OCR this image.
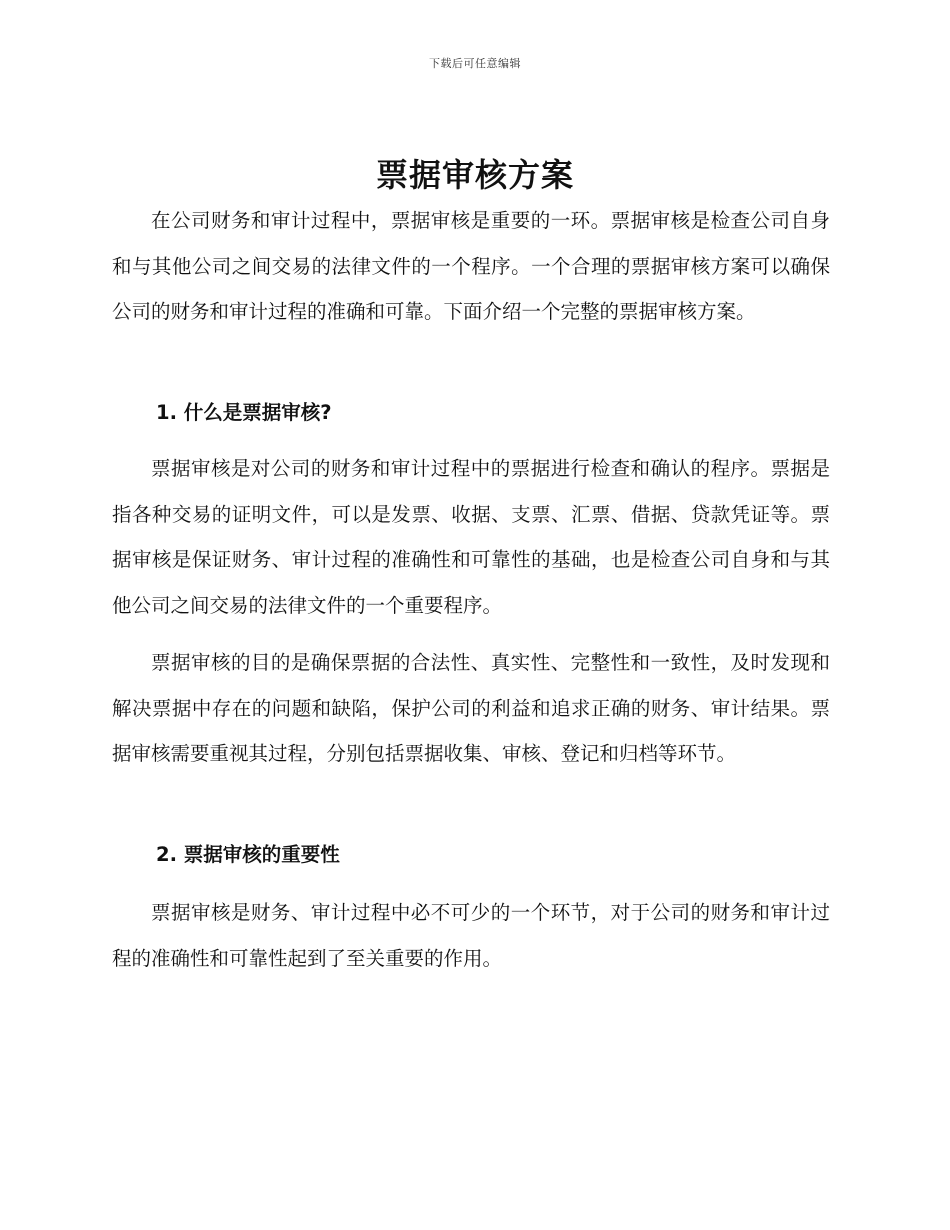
下载后可任意编辑
票据审核方案

在公司财务和审计过程中，票据审核是重要的一环。票据审核是检查公司自身和与其他公司之间交易的法律文件的一个程序。一个合理的票据审核方案可以确保公司的财务和审计过程的准确和可靠。下面介绍一个完整的票据审核方案。

1. 什么是票据审核?

票据审核是对公司的财务和审计过程中的票据进行检查和确认的程序。票据是指各种交易的证明文件，可以是发票、收据、支票、汇票、借据、贷款凭证等。票据审核是保证财务、审计过程的准确性和可靠性的基础，也是检查公司自身和与其他公司之间交易的法律文件的一个重要程序。

票据审核的目的是确保票据的合法性、真实性、完整性和一致性，及时发现和解决票据中存在的问题和缺陷，保护公司的利益和追求正确的财务、审计结果。票据审核需要重视其过程，分别包括票据收集、审核、登记和归档等环节。

2. 票据审核的重要性

票据审核是财务、审计过程中必不可少的一个环节，对于公司的财务和审计过程的准确性和可靠性起到了至关重要的作用。
